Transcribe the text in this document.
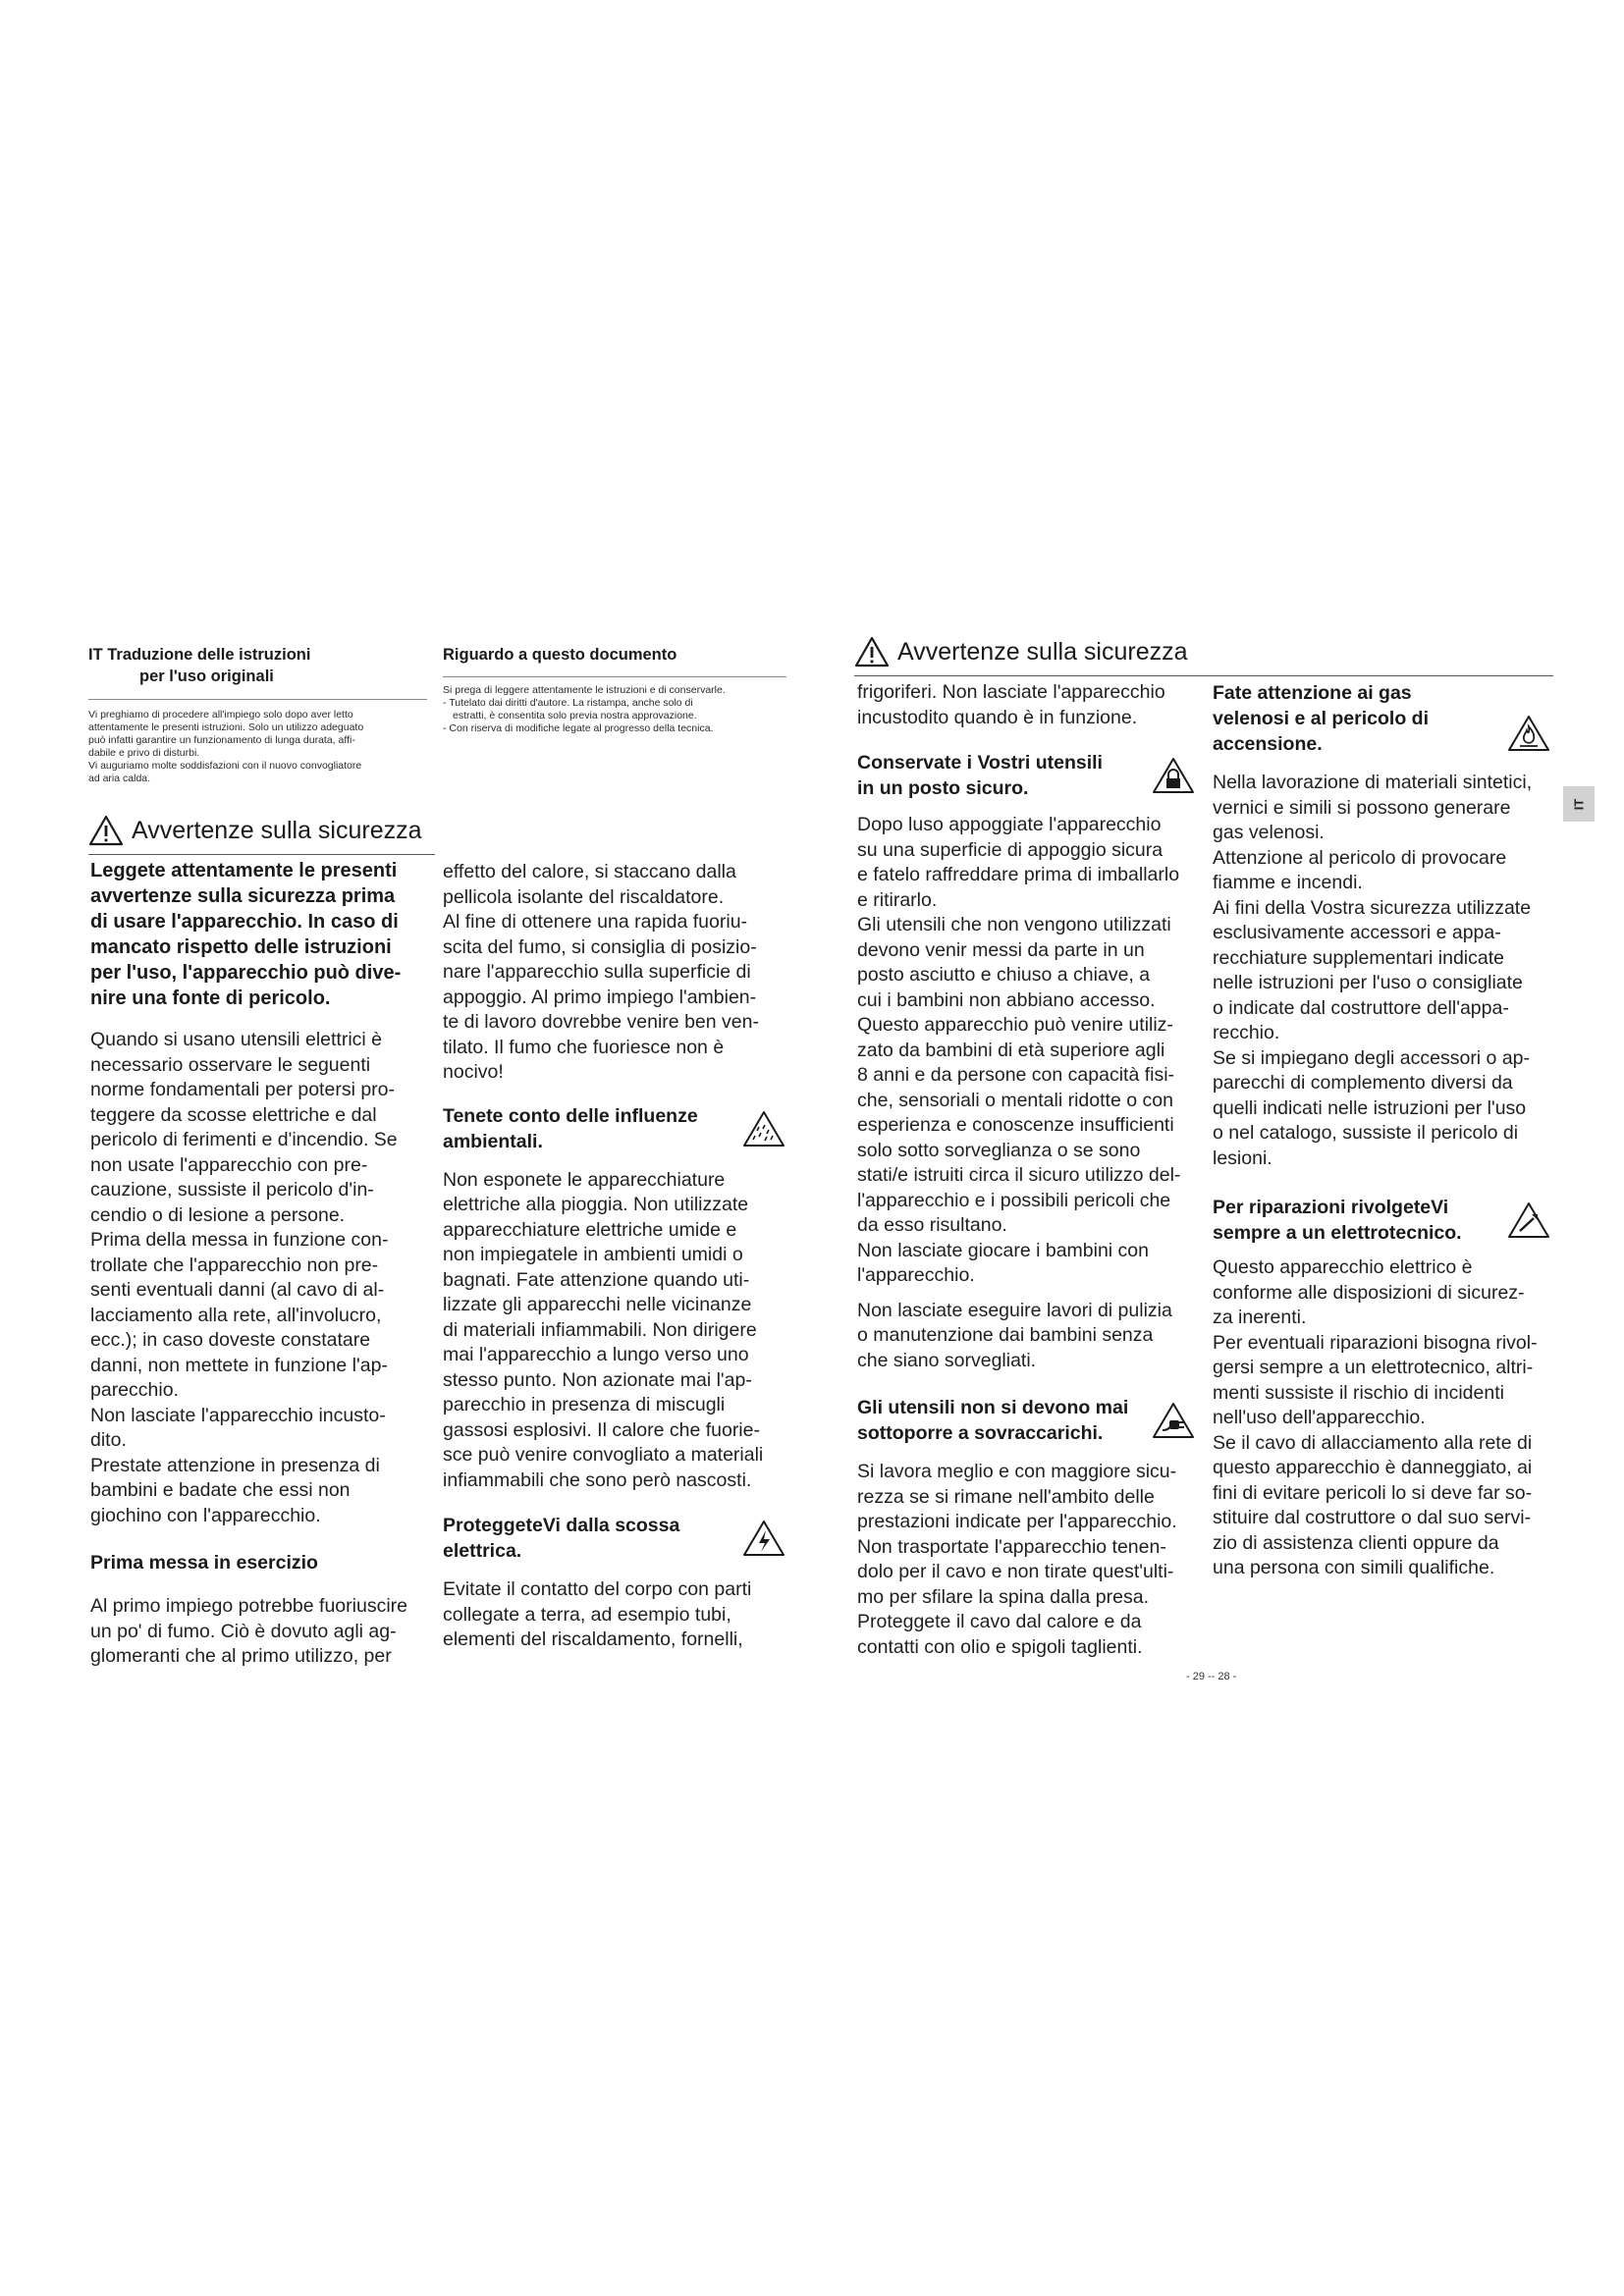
IT Traduzione delle istruzioni

per l'uso originali

Vi preghiamo di procedere all'impiego solo dopo aver letto
attentamente le presenti istruzioni. Solo un utilizzo adeguato
può infatti garantire un funzionamento di lunga durata, affi-
dabile e privo di disturbi.
Vi auguriamo molte soddisfazioni con il nuovo convogliatore
ad aria calda.

Riguardo a questo documento

Si prega di leggere attentamente le istruzioni e di conservarle.
- Tutelato dai diritti d'autore. La ristampa, anche solo di
estratti, è consentita solo previa nostra approvazione.
- Con riserva di modifiche legate al progresso della tecnica.
Avvertenze sulla sicurezza
Leggete attentamente le presenti
avvertenze sulla sicurezza prima
di usare l'apparecchio. In caso di
mancato rispetto delle istruzioni
per l'uso, l'apparecchio può dive-
nire una fonte di pericolo.
Quando si usano utensili elettrici è
necessario osservare le seguenti
norme fondamentali per potersi pro-
teggere da scosse elettriche e dal
pericolo di ferimenti e d'incendio. Se
non usate l'apparecchio con pre-
cauzione, sussiste il pericolo d'in-
cendio o di lesione a persone.
Prima della messa in funzione con-
trollate che l'apparecchio non pre-
senti eventuali danni (al cavo di al-
lacciamento alla rete, all'involucro,
ecc.); in caso doveste constatare
danni, non mettete in funzione l'ap-
parecchio.
Non lasciate l'apparecchio incusto-
dito.
Prestate attenzione in presenza di
bambini e badate che essi non
giochino con l'apparecchio.

Prima messa in esercizio

Al primo impiego potrebbe fuoriuscire
un po' di fumo. Ciò è dovuto agli ag-
glomeranti che al primo utilizzo, per
effetto del calore, si staccano dalla
pellicola isolante del riscaldatore.
Al fine di ottenere una rapida fuoriu-
scita del fumo, si consiglia di posizio-
nare l'apparecchio sulla superficie di
appoggio. Al primo impiego l'ambien-
te di lavoro dovrebbe venire ben ven-
tilato. Il fumo che fuoriesce non è
nocivo!
Tenete conto delle influenze
ambientali.
Non esponete le apparecchiature
elettriche alla pioggia. Non utilizzate
apparecchiature elettriche umide e
non impiegatele in ambienti umidi o
bagnati. Fate attenzione quando uti-
lizzate gli apparecchi nelle vicinanze
di materiali infiammabili. Non dirigere
mai l'apparecchio a lungo verso uno
stesso punto. Non azionate mai l'ap-
parecchio in presenza di miscugli
gassosi esplosivi. Il calore che fuorie-
sce può venire convogliato a materiali
infiammabili che sono però nascosti.
ProteggeteVi dalla scossa
elettrica.
Evitate il contatto del corpo con parti
collegate a terra, ad esempio tubi,
elementi del riscaldamento, fornelli,
Avvertenze sulla sicurezza
frigoriferi. Non lasciate l'apparecchio
incustodito quando è in funzione.
Conservate i Vostri utensili
in un posto sicuro.
Dopo luso appoggiate l'apparecchio
su una superficie di appoggio sicura
e fatelo raffreddare prima di imballarlo
e ritirarlo.
Gli utensili che non vengono utilizzati
devono venir messi da parte in un
posto asciutto e chiuso a chiave, a
cui i bambini non abbiano accesso.
Questo apparecchio può venire utiliz-
zato da bambini di età superiore agli
8 anni e da persone con capacità fisi-
che, sensoriali o mentali ridotte o con
esperienza e conoscenze insufficienti
solo sotto sorveglianza o se sono
stati/e istruiti circa il sicuro utilizzo del-
l'apparecchio e i possibili pericoli che
da esso risultano.
Non lasciate giocare i bambini con
l'apparecchio.
Non lasciate eseguire lavori di pulizia
o manutenzione dai bambini senza
che siano sorvegliati.
Gli utensili non si devono mai
sottoporre a sovraccarichi.
Si lavora meglio e con maggiore sicu-
rezza se si rimane nell'ambito delle
prestazioni indicate per l'apparecchio.
Non trasportate l'apparecchio tenen-
dolo per il cavo e non tirate quest'ulti-
mo per sfilare la spina dalla presa.
Proteggete il cavo dal calore e da
contatti con olio e spigoli taglienti.
Fate attenzione ai gas
velenosi e al pericolo di
accensione.
Nella lavorazione di materiali sintetici,
vernici e simili si possono generare
gas velenosi.
Attenzione al pericolo di provocare
fiamme e incendi.
Ai fini della Vostra sicurezza utilizzate
esclusivamente accessori e appa-
recchiature supplementari indicate
nelle istruzioni per l'uso o consigliate
o indicate dal costruttore dell'appa-
recchio.
Se si impiegano degli accessori o ap-
parecchi di complemento diversi da
quelli indicati nelle istruzioni per l'uso
o nel catalogo, sussiste il pericolo di
lesioni.
Per riparazioni rivolgeteVi
sempre a un elettrotecnico.
Questo apparecchio elettrico è
conforme alle disposizioni di sicurez-
za inerenti.
Per eventuali riparazioni bisogna rivol-
gersi sempre a un elettrotecnico, altri-
menti sussiste il rischio di incidenti
nell'uso dell'apparecchio.
Se il cavo di allacciamento alla rete di
questo apparecchio è danneggiato, ai
fini di evitare pericoli lo si deve far so-
stituire dal costruttore o dal suo servi-
zio di assistenza clienti oppure da
una persona con simili qualifiche.
IT
- 29 -- 28 -
